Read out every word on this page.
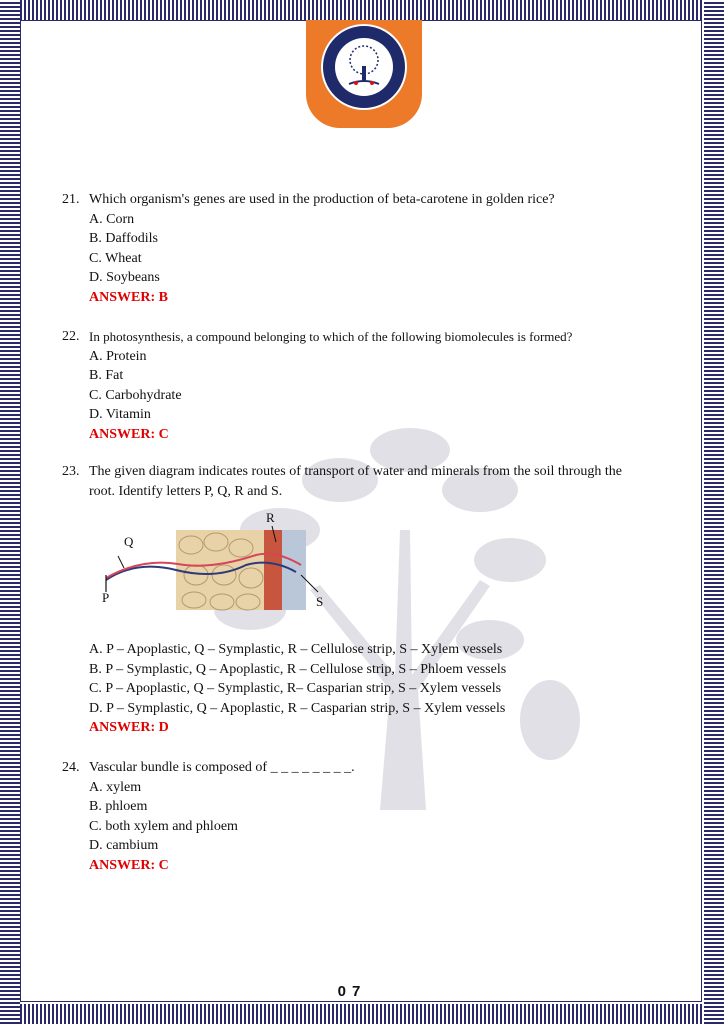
21. Which organism's genes are used in the production of beta-carotene in golden rice?
A. Corn
B. Daffodils
C. Wheat
D. Soybeans
ANSWER: B
22. In photosynthesis, a compound belonging to which of the following biomolecules is formed?
A. Protein
B. Fat
C. Carbohydrate
D. Vitamin
ANSWER: C
23. The given diagram indicates routes of transport of water and minerals from the soil through the
root. Identify letters P, Q, R and S.
Q
P
R
S
A. P – Apoplastic, Q – Symplastic, R – Cellulose strip, S – Xylem vessels
B. P – Symplastic, Q – Apoplastic, R – Cellulose strip, S – Phloem vessels
C. P – Apoplastic, Q – Symplastic, R– Casparian strip, S – Xylem vessels
D. P – Symplastic, Q – Apoplastic, R – Casparian strip, S – Xylem vessels
ANSWER: D
24. Vascular bundle is composed of _ _ _ _ _ _ _ _.
A. xylem
B. phloem
C. both xylem and phloem
D. cambium
ANSWER: C
07
